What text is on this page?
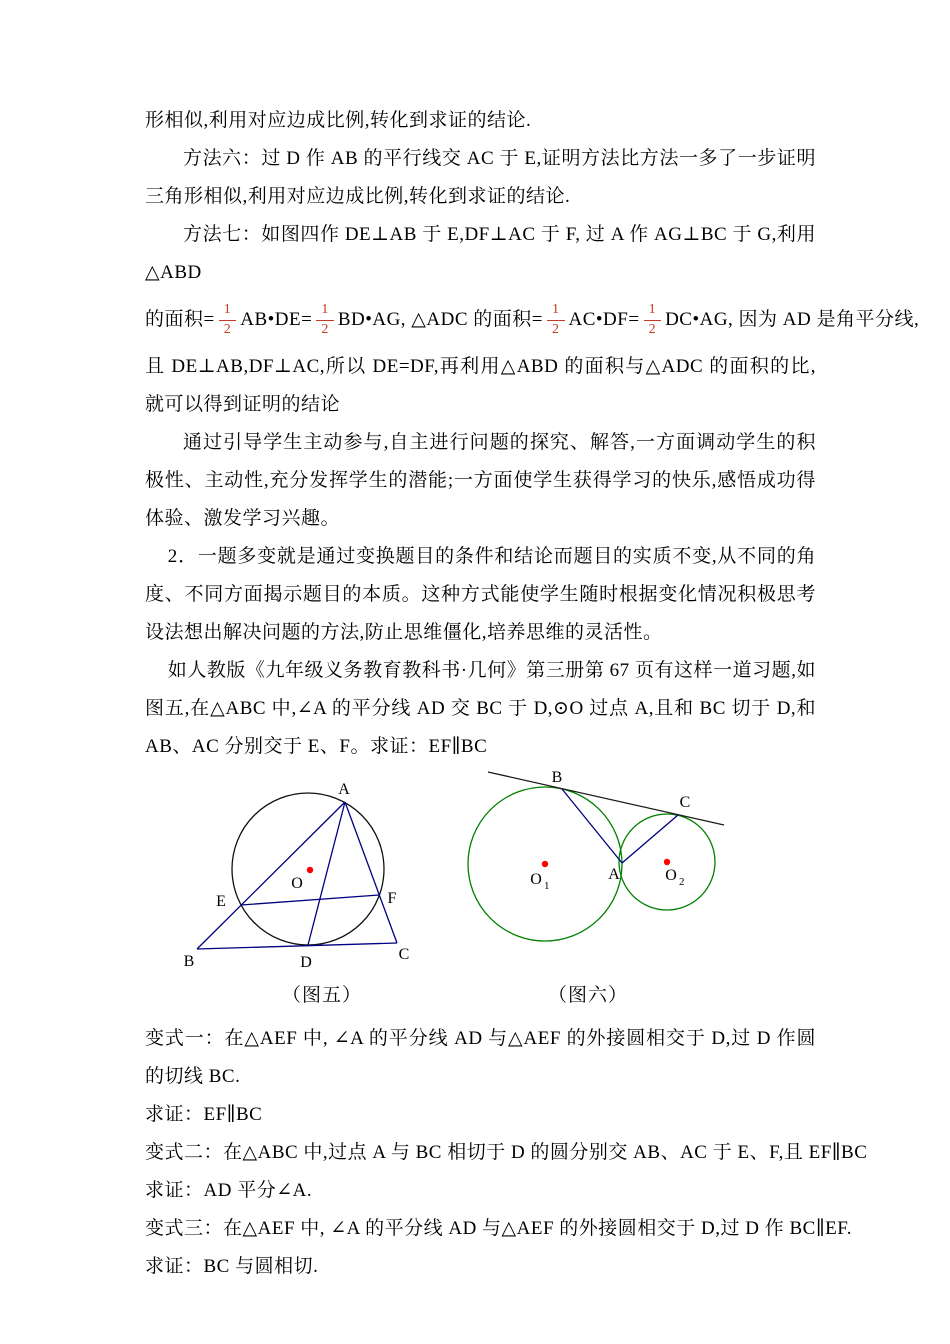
形相似,利用对应边成比例,转化到求证的结论.

方法六：过 D 作 AB 的平行线交 AC 于 E,证明方法比方法一多了一步证明三角形相似,利用对应边成比例,转化到求证的结论.

方法七：如图四作 DE⊥AB 于 E,DF⊥AC 于 F, 过 A 作 AG⊥BC 于 G,利用△ABD

的面积= $\frac{1}{2}$ AB•DE= $\frac{1}{2}$ BD•AG, △ADC 的面积= $\frac{1}{2}$ AC•DF= $\frac{1}{2}$ DC•AG, 因为 AD 是角平分线,

且 DE⊥AB,DF⊥AC,所以 DE=DF,再利用△ABD 的面积与△ADC 的面积的比,就可以得到证明的结论

通过引导学生主动参与,自主进行问题的探究、解答,一方面调动学生的积极性、主动性,充分发挥学生的潜能;一方面使学生获得学习的快乐,感悟成功得体验、激发学习兴趣。

2．一题多变就是通过变换题目的条件和结论而题目的实质不变,从不同的角度、不同方面揭示题目的本质。这种方式能使学生随时根据变化情况积极思考设法想出解决问题的方法,防止思维僵化,培养思维的灵活性。

如人教版《九年级义务教育教科书·几何》第三册第 67 页有这样一道习题,如图五,在△ABC 中,∠A 的平分线 AD 交 BC 于 D,⊙O 过点 A,且和 BC 切于 D,和 AB、AC 分别交于 E、F。求证：EF∥BC

A
B	C
D
E	F
O
B
C
A
O 1
O 2
（图五）	（图六）

变式一：在△AEF 中, ∠A 的平分线 AD 与△AEF 的外接圆相交于 D,过 D 作圆的切线 BC.

求证：EF∥BC

变式二：在△ABC 中,过点 A 与 BC 相切于 D 的圆分别交 AB、AC 于 E、F,且 EF∥BC

求证：AD 平分∠A.

变式三：在△AEF 中, ∠A 的平分线 AD 与△AEF 的外接圆相交于 D,过 D 作 BC∥EF.

求证：BC 与圆相切.
